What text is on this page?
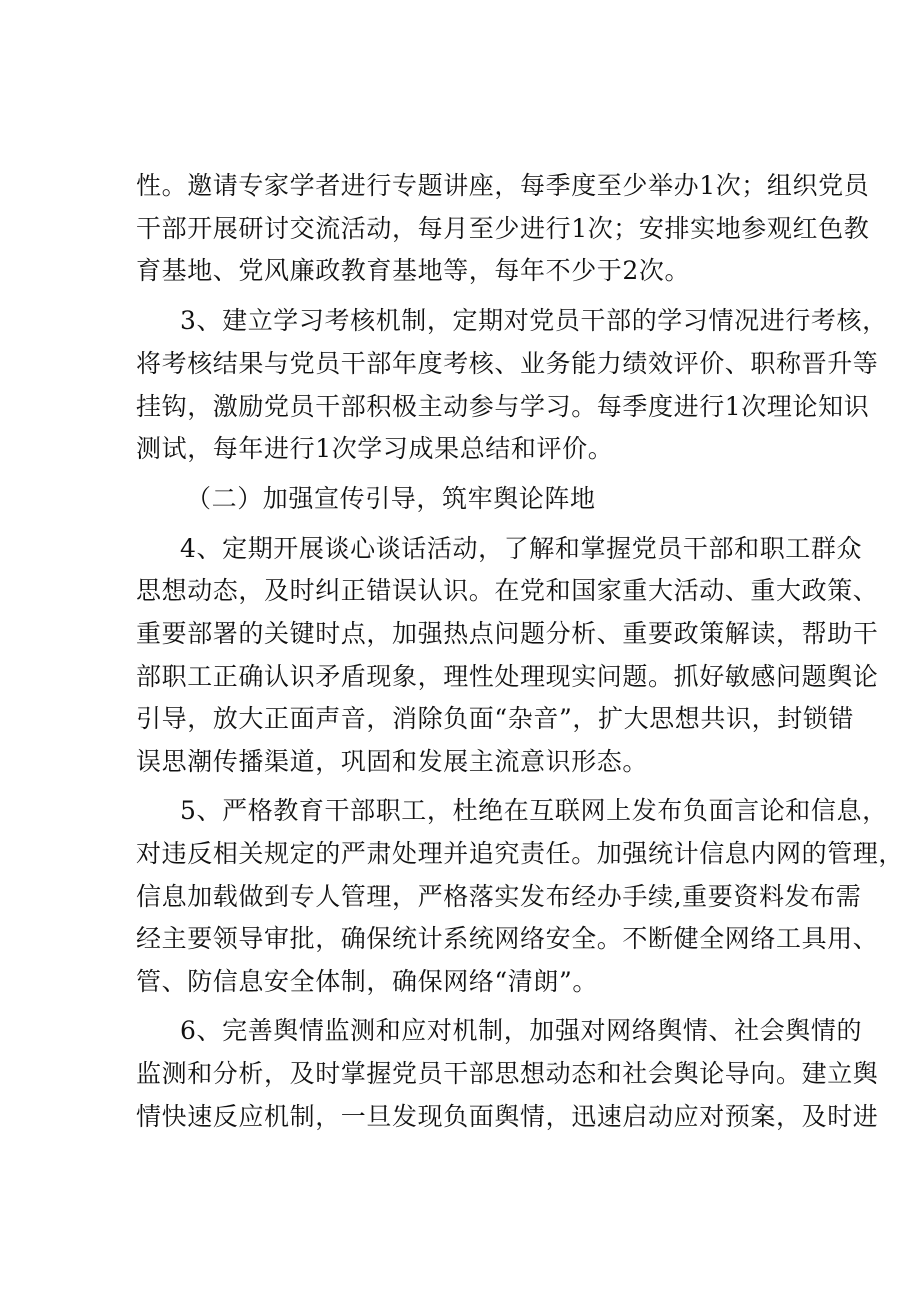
性。邀请专家学者进行专题讲座，每季度至少举办1次；组织党员
干部开展研讨交流活动，每月至少进行1次；安排实地参观红色教
育基地、党风廉政教育基地等，每年不少于2次。
3、建立学习考核机制，定期对党员干部的学习情况进行考核，
将考核结果与党员干部年度考核、业务能力绩效评价、职称晋升等
挂钩，激励党员干部积极主动参与学习。每季度进行1次理论知识
测试，每年进行1次学习成果总结和评价。
（二）加强宣传引导，筑牢舆论阵地
4、定期开展谈心谈话活动，了解和掌握党员干部和职工群众
思想动态，及时纠正错误认识。在党和国家重大活动、重大政策、
重要部署的关键时点，加强热点问题分析、重要政策解读，帮助干
部职工正确认识矛盾现象，理性处理现实问题。抓好敏感问题舆论
引导，放大正面声音，消除负面“杂音”，扩大思想共识，封锁错
误思潮传播渠道，巩固和发展主流意识形态。
5、严格教育干部职工，杜绝在互联网上发布负面言论和信息，
对违反相关规定的严肃处理并追究责任。加强统计信息内网的管理，
信息加载做到专人管理，严格落实发布经办手续,重要资料发布需
经主要领导审批，确保统计系统网络安全。不断健全网络工具用、
管、防信息安全体制，确保网络“清朗”。
6、完善舆情监测和应对机制，加强对网络舆情、社会舆情的
监测和分析，及时掌握党员干部思想动态和社会舆论导向。建立舆
情快速反应机制，一旦发现负面舆情，迅速启动应对预案，及时进
